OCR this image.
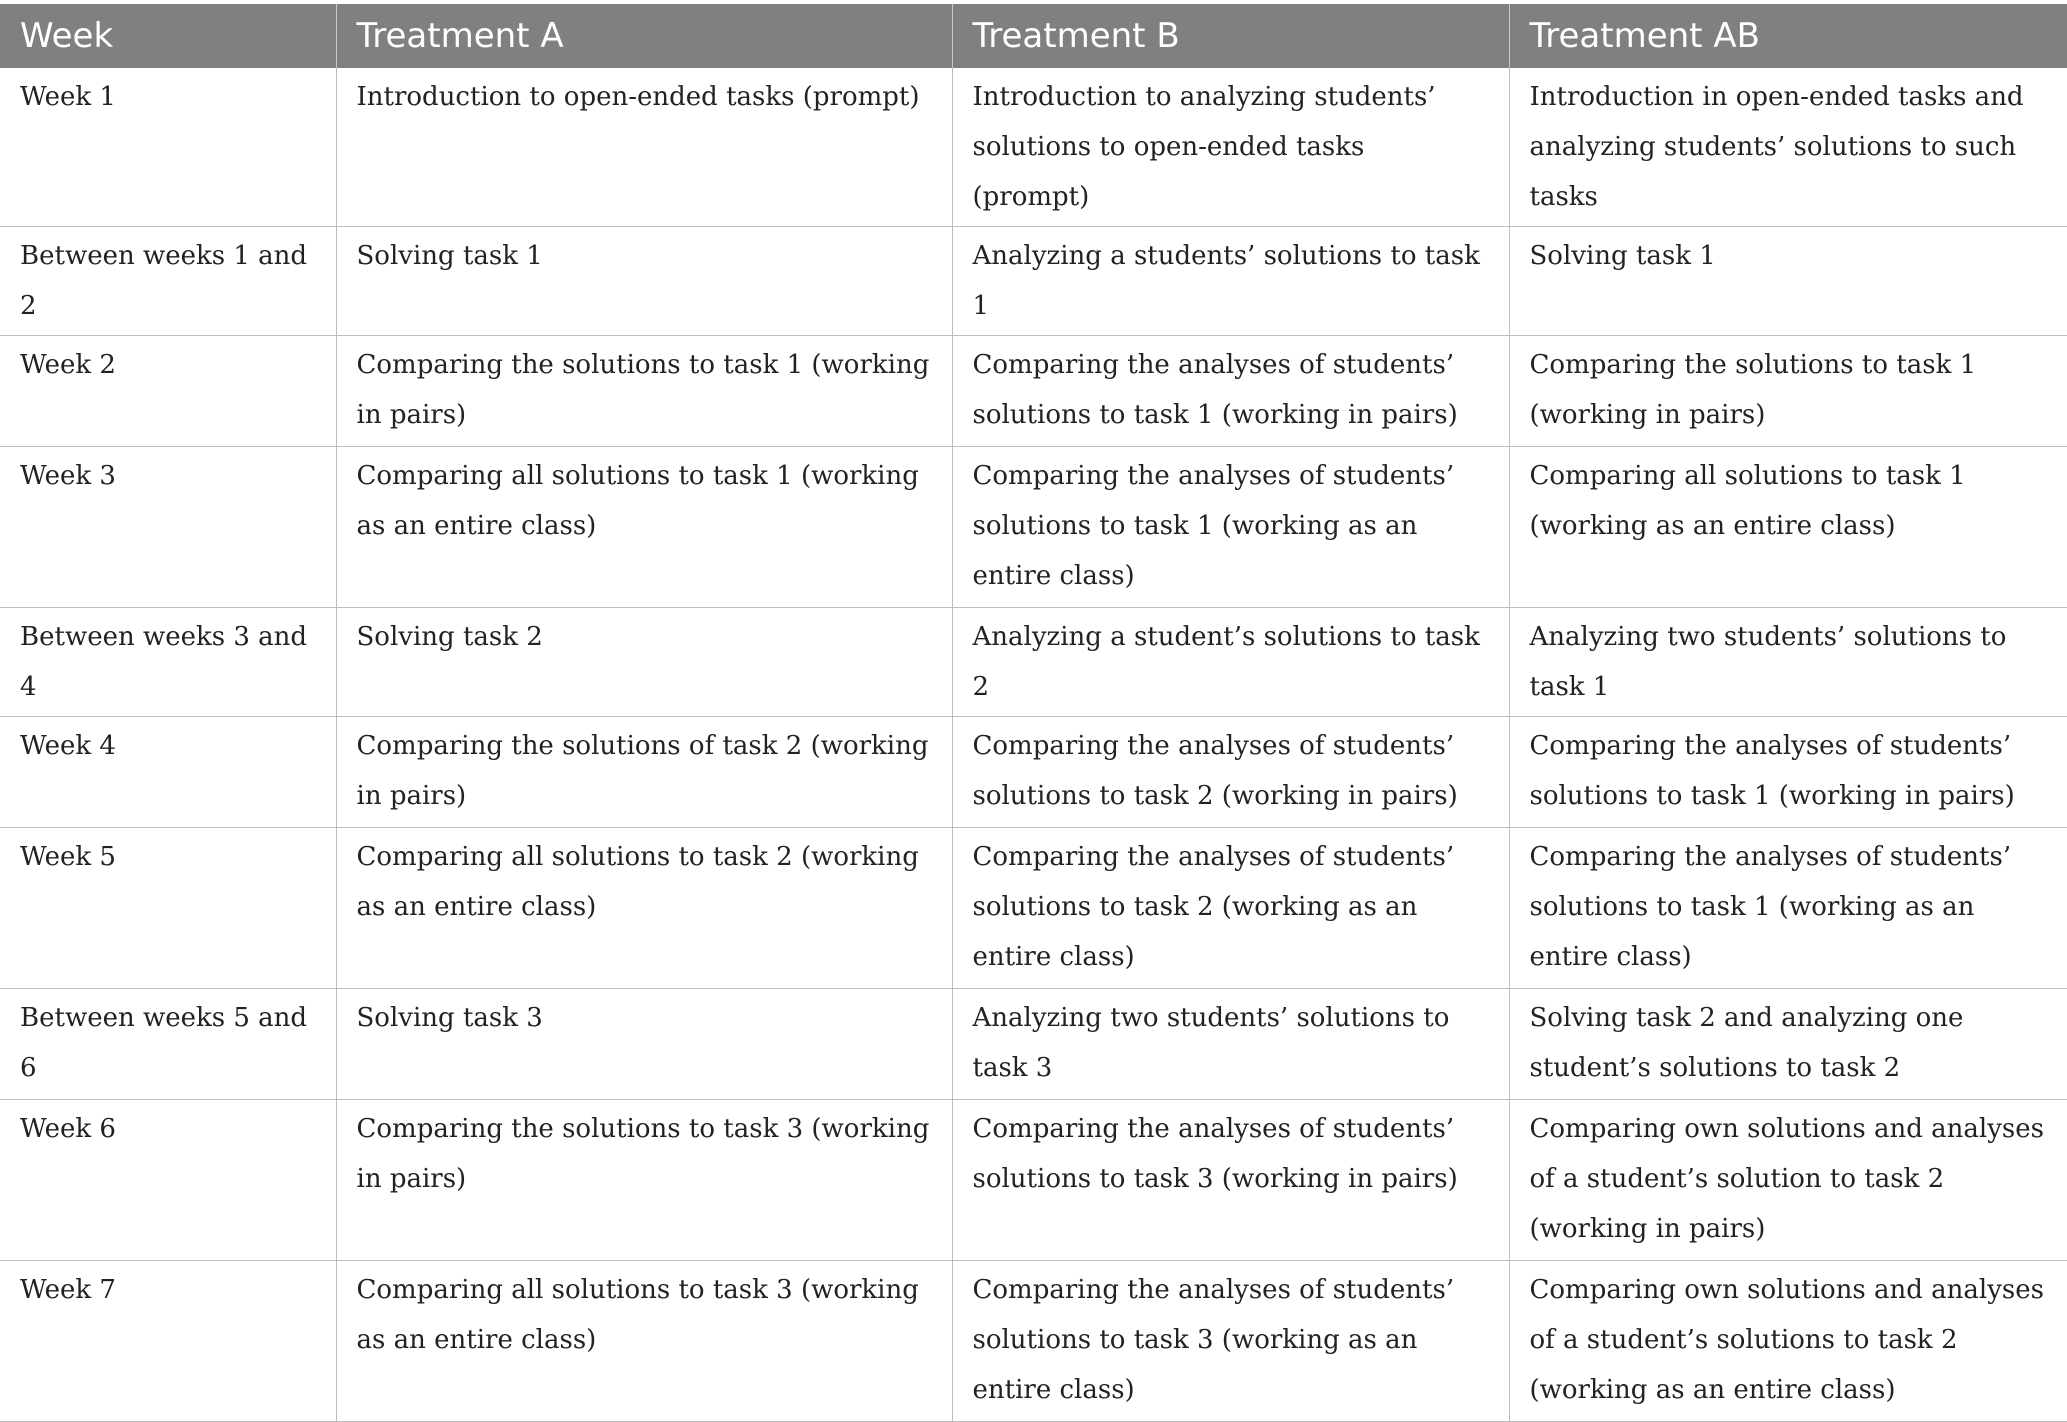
Week	Treatment A	Treatment B	Treatment AB
Week 1	Introduction to open-ended tasks (prompt)	Introduction to analyzing students’ solutions to open-ended tasks (prompt)	Introduction in open-ended tasks and analyzing students’ solutions to such tasks
Between weeks 1 and 2	Solving task 1	Analyzing a students’ solutions to task 1	Solving task 1
Week 2	Comparing the solutions to task 1 (working in pairs)	Comparing the analyses of students’ solutions to task 1 (working in pairs)	Comparing the solutions to task 1 (working in pairs)
Week 3	Comparing all solutions to task 1 (working as an entire class)	Comparing the analyses of students’ solutions to task 1 (working as an entire class)	Comparing all solutions to task 1 (working as an entire class)
Between weeks 3 and 4	Solving task 2	Analyzing a student’s solutions to task 2	Analyzing two students’ solutions to task 1
Week 4	Comparing the solutions of task 2 (working in pairs)	Comparing the analyses of students’ solutions to task 2 (working in pairs)	Comparing the analyses of students’ solutions to task 1 (working in pairs)
Week 5	Comparing all solutions to task 2 (working as an entire class)	Comparing the analyses of students’ solutions to task 2 (working as an entire class)	Comparing the analyses of students’ solutions to task 1 (working as an entire class)
Between weeks 5 and 6	Solving task 3	Analyzing two students’ solutions to task 3	Solving task 2 and analyzing one student’s solutions to task 2
Week 6	Comparing the solutions to task 3 (working in pairs)	Comparing the analyses of students’ solutions to task 3 (working in pairs)	Comparing own solutions and analyses of a student’s solution to task 2 (working in pairs)
Week 7	Comparing all solutions to task 3 (working as an entire class)	Comparing the analyses of students’ solutions to task 3 (working as an entire class)	Comparing own solutions and analyses of a student’s solutions to task 2 (working as an entire class)
